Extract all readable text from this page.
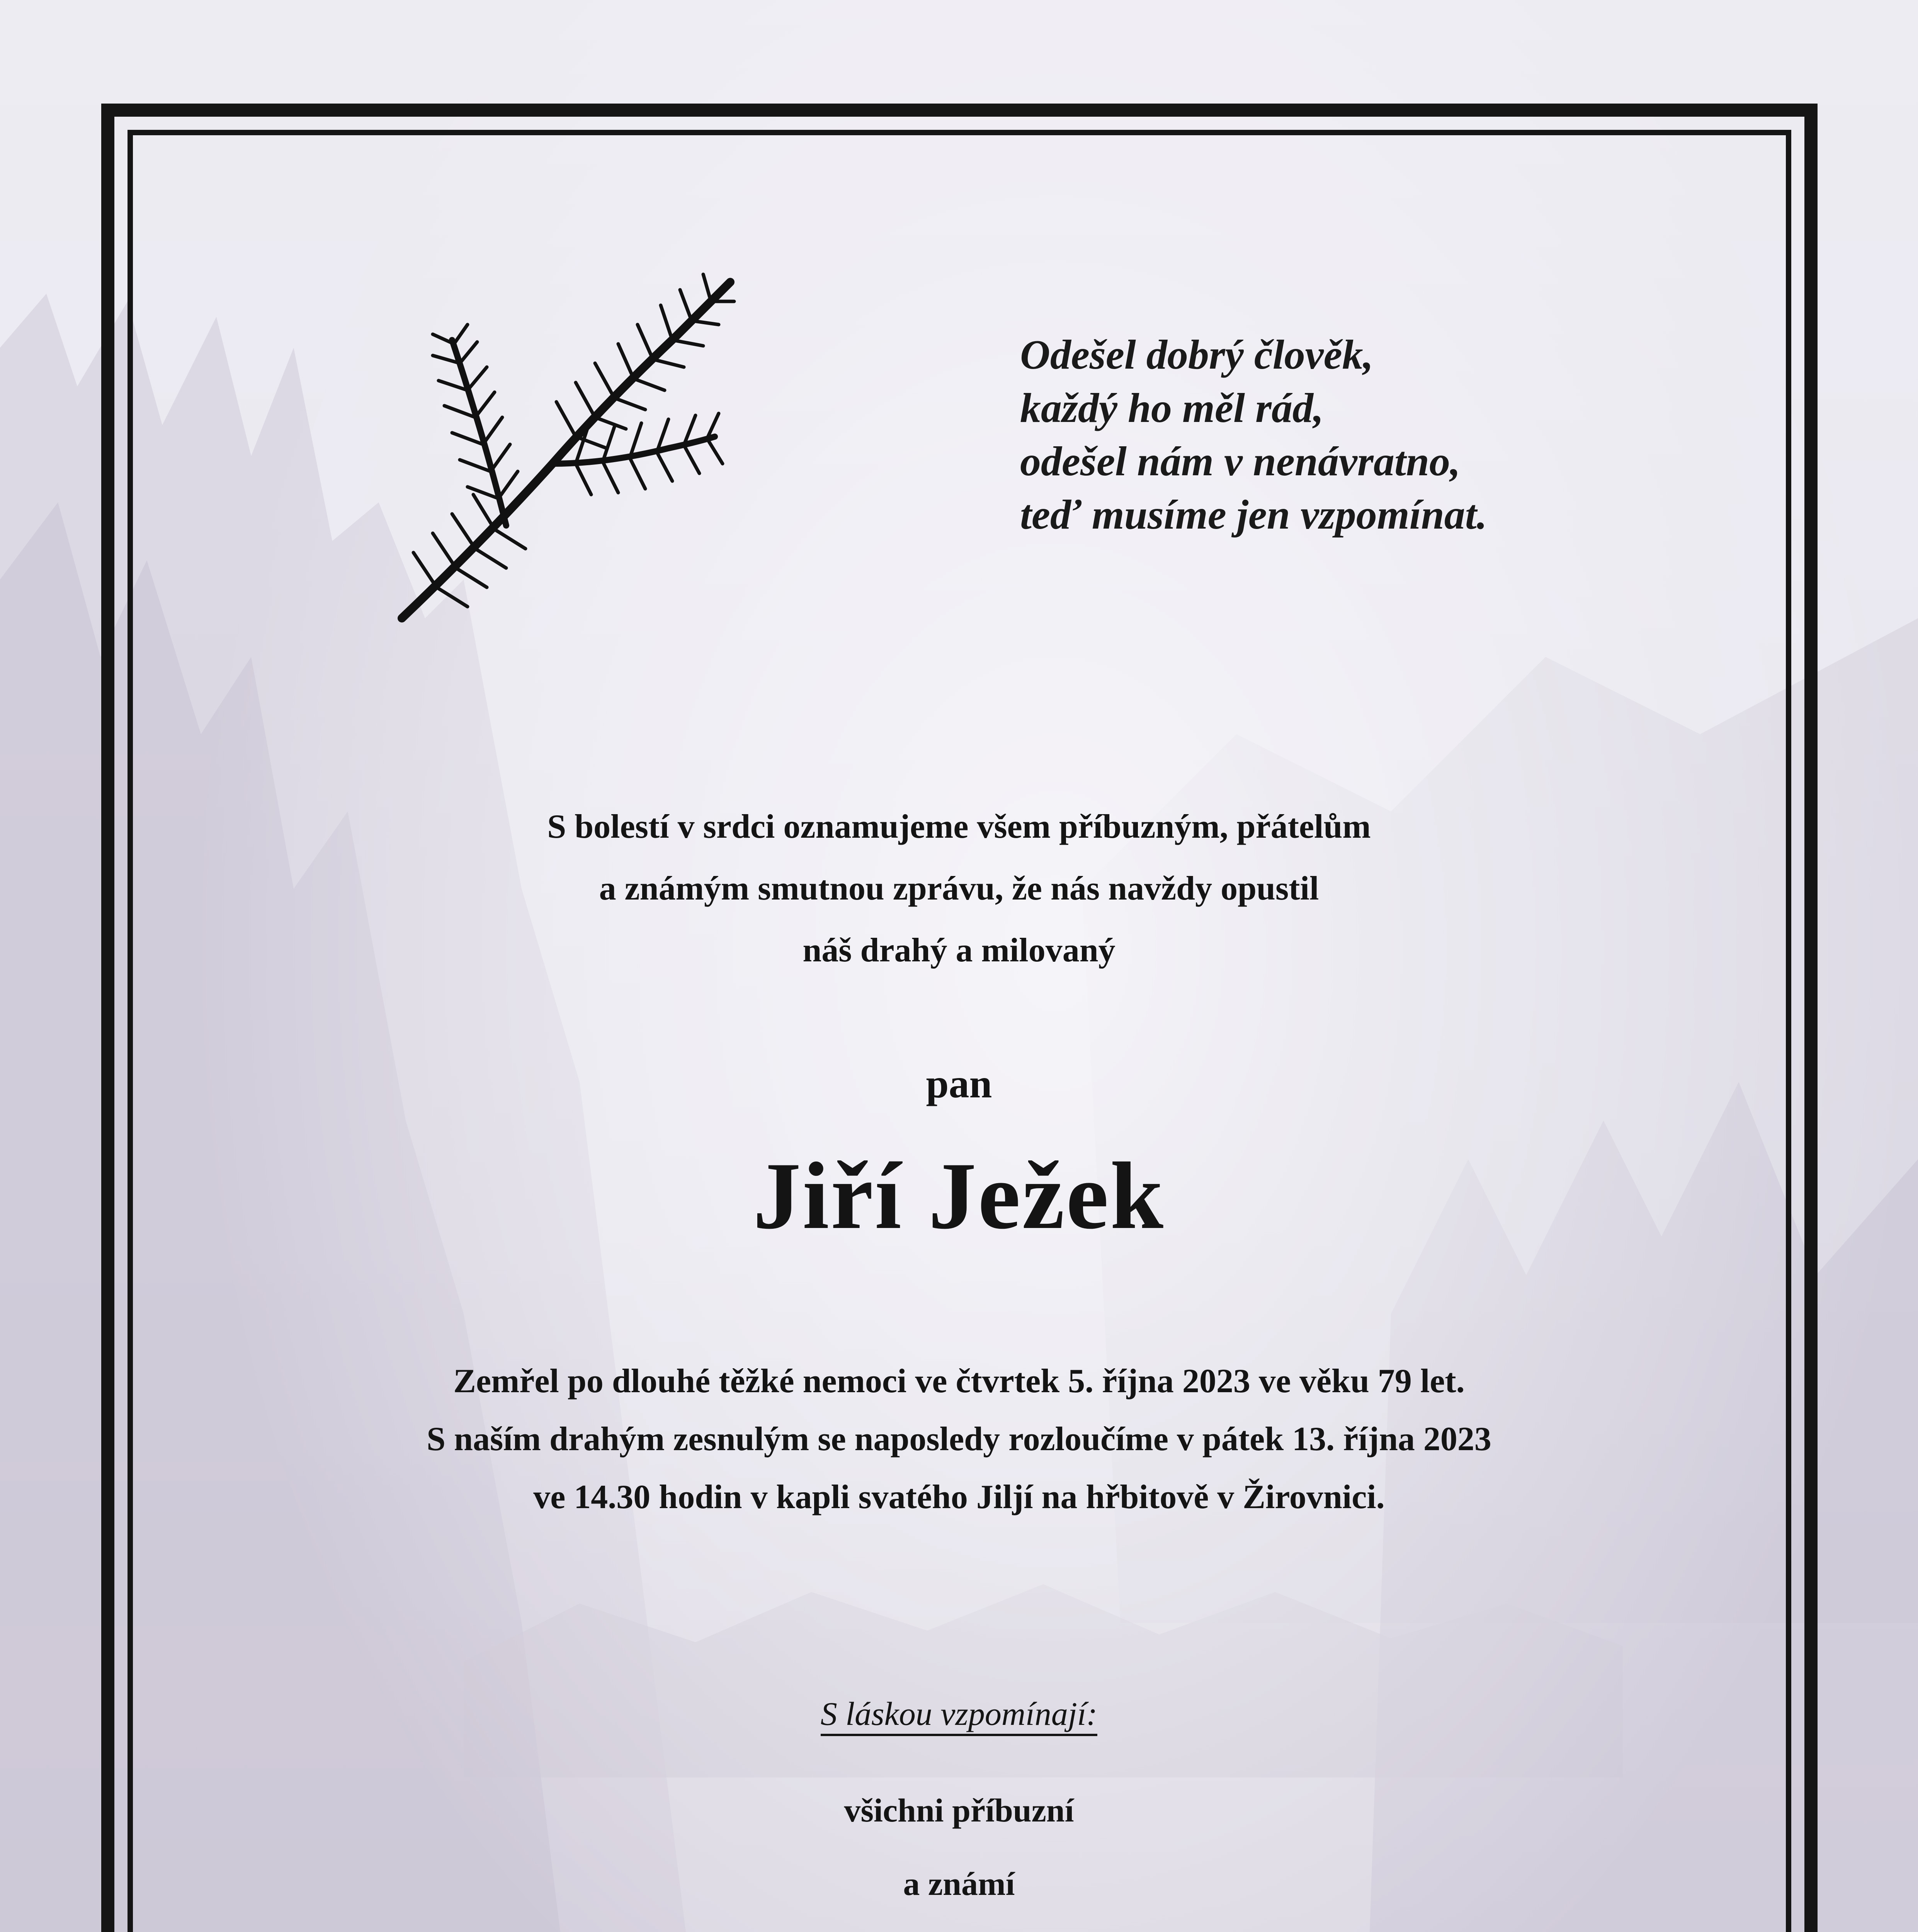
Odešel dobrý člověk,
každý ho měl rád,
odešel nám v nenávratno,
teď musíme jen vzpomínat.
S bolestí v srdci oznamujeme všem příbuzným, přátelům
a známým smutnou zprávu, že nás navždy opustil
náš drahý a milovaný
pan
Jiří Ježek
Zemřel po dlouhé těžké nemoci ve čtvrtek 5. října 2023 ve věku 79 let.
S naším drahým zesnulým se naposledy rozloučíme v pátek 13. října 2023
ve 14.30 hodin v kapli svatého Jiljí na hřbitově v Žirovnici.
S láskou vzpomínají:
všichni příbuzní
a známí
